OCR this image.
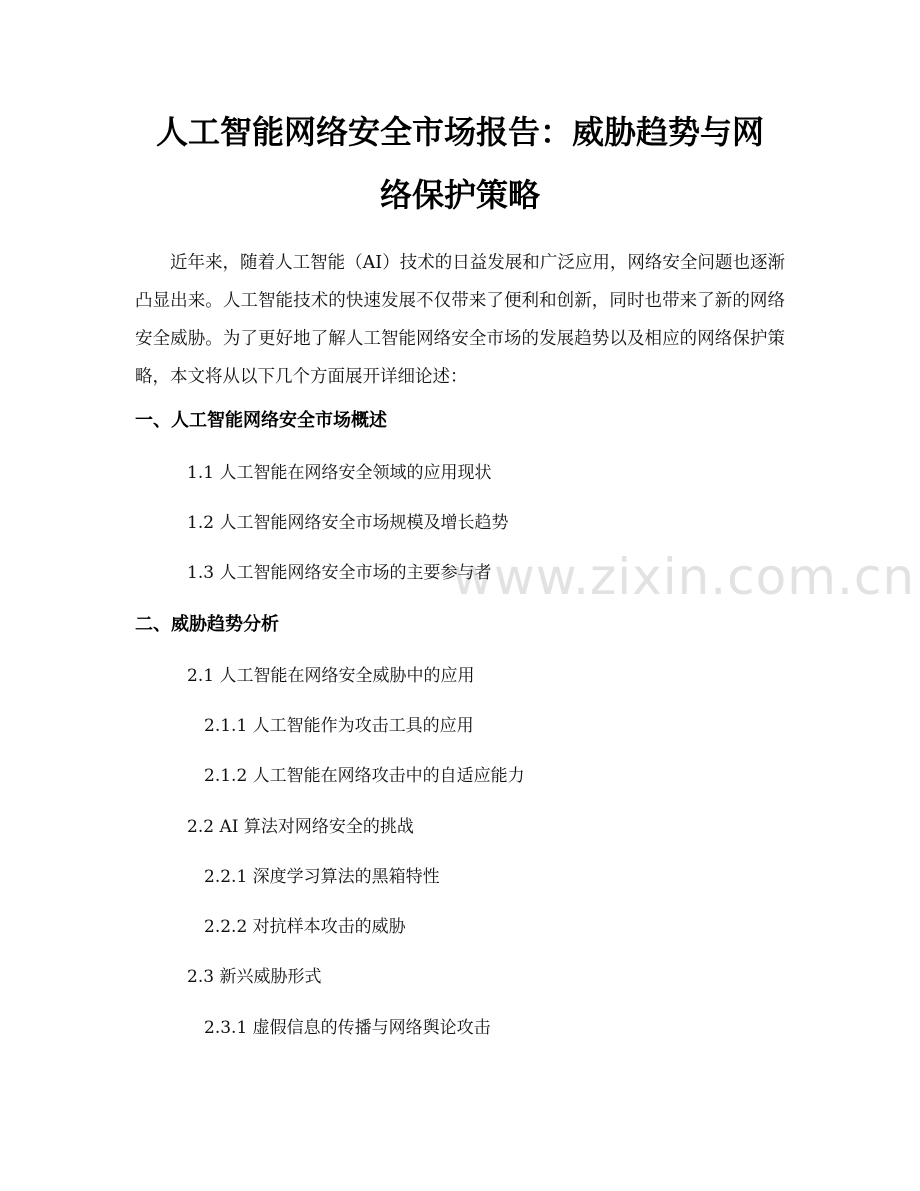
www.zixin.com.cn
人工智能网络安全市场报告：威胁趋势与网
络保护策略

近年来，随着人工智能（AI）技术的日益发展和广泛应用，网络安全问题也逐渐凸显出来。人工智能技术的快速发展不仅带来了便利和创新，同时也带来了新的网络安全威胁。为了更好地了解人工智能网络安全市场的发展趋势以及相应的网络保护策略，本文将从以下几个方面展开详细论述：

一、人工智能网络安全市场概述
1.1 人工智能在网络安全领域的应用现状
1.2 人工智能网络安全市场规模及增长趋势
1.3 人工智能网络安全市场的主要参与者
二、威胁趋势分析
2.1 人工智能在网络安全威胁中的应用
2.1.1 人工智能作为攻击工具的应用
2.1.2 人工智能在网络攻击中的自适应能力
2.2 AI 算法对网络安全的挑战
2.2.1 深度学习算法的黑箱特性
2.2.2 对抗样本攻击的威胁
2.3 新兴威胁形式
2.3.1 虚假信息的传播与网络舆论攻击
